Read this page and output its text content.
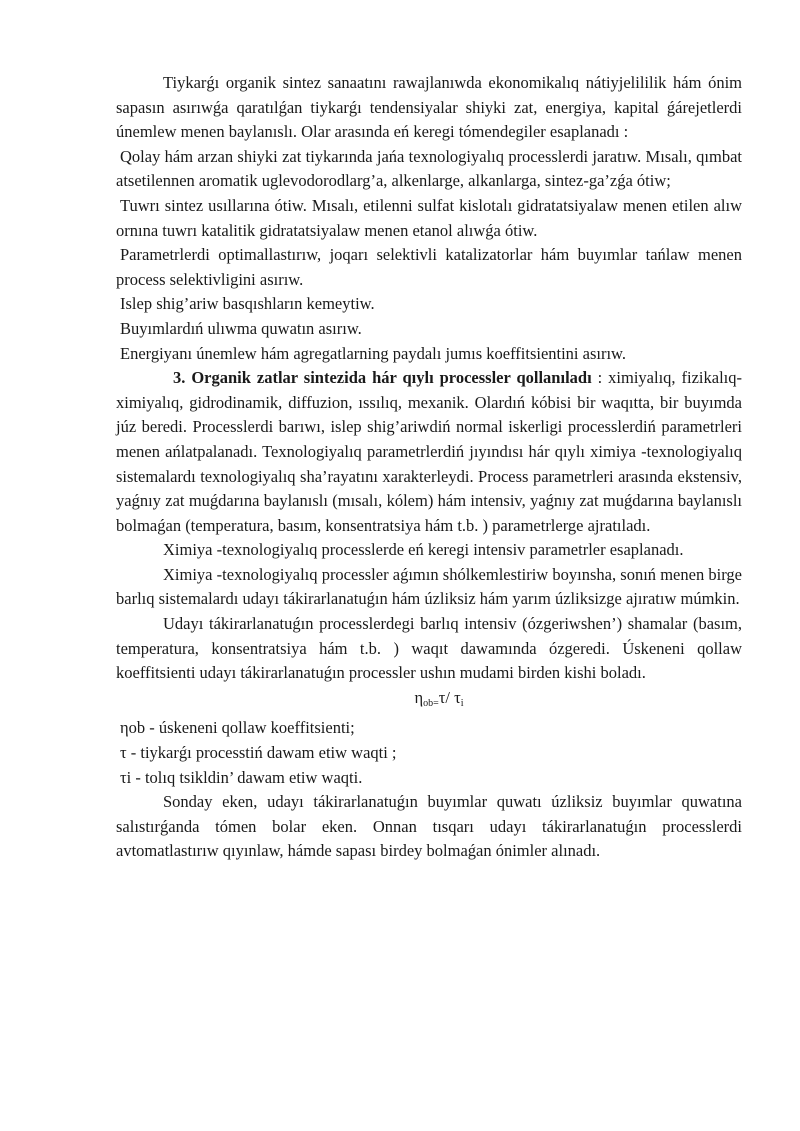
Tiykarǵı organik sintez sanaatını rawajlanıwda ekonomikalıq nátiyjelililik hám ónim sapasın asırıwǵa qaratılǵan tiykarǵı tendensiyalar shiyki zat, energiya, kapital ǵárejetlerdi únemlew menen baylanıslı. Olar arasında eń keregi tómendegiler esaplanadı :

Qolay hám arzan shiyki zat tiykarında jańa texnologiyalıq processlerdi jaratıw. Mısalı, qımbat atsetilennen aromatik uglevodorodlarg’a, alkenlarge, alkanlarga, sintez-ga’zǵa ótiw;

Tuwrı sintez usıllarına ótiw. Mısalı, etilenni sulfat kislotalı gidratatsiyalaw menen etilen alıw ornına tuwrı katalitik gidratatsiyalaw menen etanol alıwǵa ótiw.

Parametrlerdi optimallastırıw, joqarı selektivli katalizatorlar hám buyımlar tańlaw menen process selektivligini asırıw.

Islep shig’ariw basqıshların kemeytiw.

Buyımlardıń ulıwma quwatın asırıw.

Energiyanı únemlew hám agregatlarning paydalı jumıs koeffitsientini asırıw.

3. Organik zatlar sintezida hár qıylı processler qollanıladı : ximiyalıq, fizikalıq-ximiyalıq, gidrodinamik, diffuzion, ıssılıq, mexanik. Olardıń kóbisi bir waqıtta, bir buyımda júz beredi. Processlerdi barıwı, islep shig’ariwdiń normal iskerligi processlerdiń parametrleri menen ańlatpalanadı. Texnologiyalıq parametrlerdiń jıyındısı hár qıylı ximiya -texnologiyalıq sistemalardı texnologiyalıq sha’rayatını xarakterleydi. Process parametrleri arasında ekstensiv, yaǵnıy zat muǵdarına baylanıslı (mısalı, kólem) hám intensiv, yaǵnıy zat muǵdarına baylanıslı bolmaǵan (temperatura, basım, konsentratsiya hám t.b. ) parametrlerge ajratıladı.

Ximiya -texnologiyalıq processlerde eń keregi intensiv parametrler esaplanadı.

Ximiya -texnologiyalıq processler aǵımın shólkemlestiriw boyınsha, sonıń menen birge barlıq sistemalardı udayı tákirarlanatuǵın hám úzliksiz hám yarım úzliksizge ajıratıw múmkin.

Udayı tákirarlanatuǵın processlerdegi barlıq intensiv (ózgeriwshen’) shamalar (basım, temperatura, konsentratsiya hám t.b. ) waqıt dawamında ózgeredi. Úskeneni qollaw koeffitsienti udayı tákirarlanatuǵın processler ushın mudami birden kishi boladı.

$\eta_{ob=}\tau/$ $\tau_i$

ηob - úskeneni qollaw koeffitsienti;

τ - tiykarǵı processtiń dawam etiw waqti ;

τi - tolıq tsikldin’ dawam etiw waqti.

Sonday eken, udayı tákirarlanatuǵın buyımlar quwatı úzliksiz buyımlar quwatına salıstırǵanda tómen bolar eken. Onnan tısqarı udayı tákirarlanatuǵın processlerdi avtomatlastırıw qıyınlaw, hámde sapası birdey bolmaǵan ónimler alınadı.
